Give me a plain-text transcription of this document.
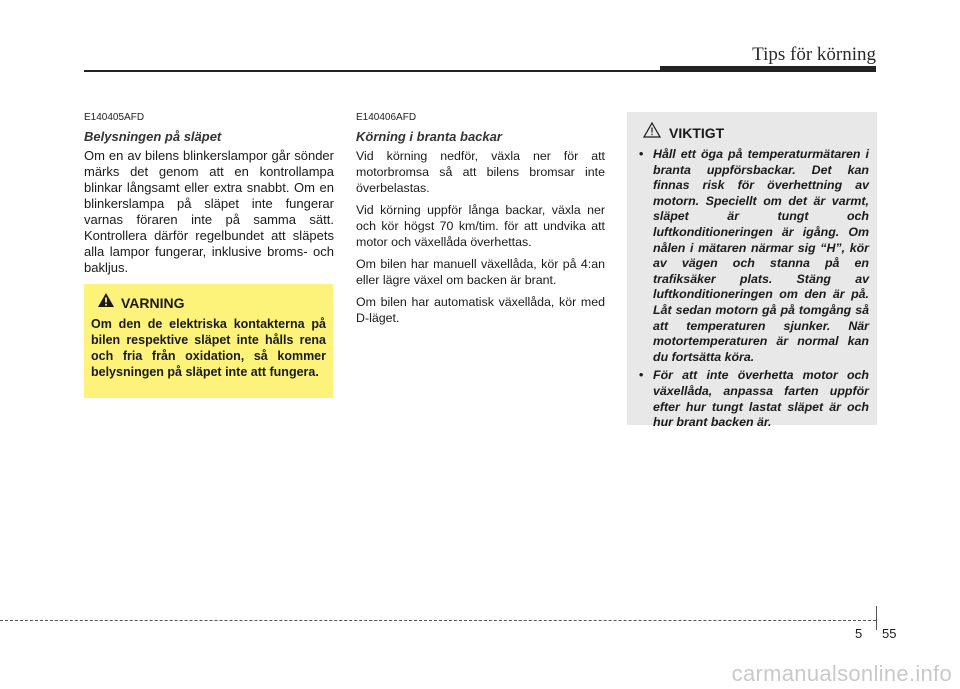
Tips för körning
E140405AFD
Belysningen på släpet

Om en av bilens blinkerslampor går sönder märks det genom att en kontrollampa blinkar långsamt eller extra snabbt. Om en blinkerslampa på släpet inte fungerar varnas föraren inte på samma sätt. Kontrollera därför regelbundet att släpets alla lampor fungerar, inklusive broms- och bakljus.

VARNING

Om den de elektriska kontakterna på bilen respektive släpet inte hålls rena och fria från oxidation, så kommer belysningen på släpet inte att fungera.

E140406AFD
Körning i branta backar

Vid körning nedför, växla ner för att motorbromsa så att bilens bromsar inte överbelastas.

Vid körning uppför långa backar, växla ner och kör högst 70 km/tim. för att undvika att motor och växellåda överhettas.

Om bilen har manuell växellåda, kör på 4:an eller lägre växel om backen är brant.

Om bilen har automatisk växellåda, kör med D-läget.

VIKTIGT
• Håll ett öga på temperaturmätaren i branta uppförsbackar. Det kan finnas risk för överhettning av motorn. Speciellt om det är varmt, släpet är tungt och luftkonditioneringen är igång. Om nålen i mätaren närmar sig “H”, kör av vägen och stanna på en trafiksäker plats. Stäng av luftkonditioneringen om den är på. Låt sedan motorn gå på tomgång så att temperaturen sjunker. När motortemperaturen är normal kan du fortsätta köra.
• För att inte överhetta motor och växellåda, anpassa farten uppför efter hur tungt lastat släpet är och hur brant backen är.
5 55
carmanualsonline.info
